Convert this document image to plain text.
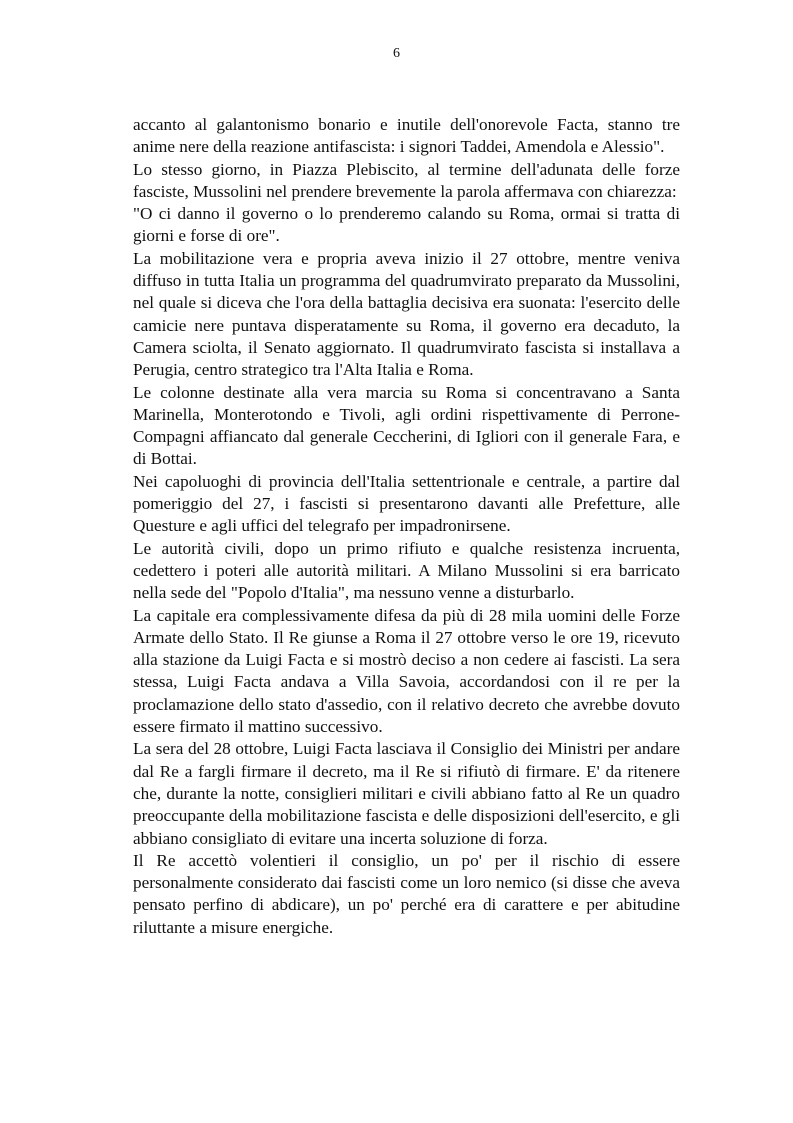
6

accanto al galantonismo bonario e inutile dell'onorevole Facta, stanno tre anime nere della reazione antifascista: i signori Taddei, Amendola e Alessio".

Lo stesso giorno, in Piazza Plebiscito, al termine dell'adunata delle forze fasciste, Mussolini nel prendere brevemente la parola affermava con chiarezza:

"O ci danno il governo o lo prenderemo calando su Roma, ormai si tratta di giorni e forse di ore".

La mobilitazione vera e propria aveva inizio il 27 ottobre, mentre veniva diffuso in tutta Italia un programma del quadrumvirato preparato da Mussolini, nel quale si diceva che l'ora della battaglia decisiva era suonata: l'esercito delle camicie nere puntava disperatamente su Roma, il governo era decaduto, la Camera sciolta, il Senato aggiornato. Il quadrumvirato fascista si installava a Perugia, centro strategico tra l'Alta Italia e Roma.

Le colonne destinate alla vera marcia su Roma si concentravano a Santa Marinella, Monterotondo e Tivoli, agli ordini rispettivamente di Perrone-Compagni affiancato dal generale Ceccherini, di Igliori con il generale Fara, e di Bottai.

Nei capoluoghi di provincia dell'Italia settentrionale e centrale, a partire dal pomeriggio del 27, i fascisti si presentarono davanti alle Prefetture, alle Questure e agli uffici del telegrafo per impadronirsene.

Le autorità civili, dopo un primo rifiuto e qualche resistenza incruenta, cedettero i poteri alle autorità militari. A Milano Mussolini si era barricato nella sede del "Popolo d'Italia", ma nessuno venne a disturbarlo.

La capitale era complessivamente difesa da più di 28 mila uomini delle Forze Armate dello Stato. Il Re giunse a Roma il 27 ottobre verso le ore 19, ricevuto alla stazione da Luigi Facta e si mostrò deciso a non cedere ai fascisti. La sera stessa, Luigi Facta andava a Villa Savoia, accordandosi con il re per la proclamazione dello stato d'assedio, con il relativo decreto che avrebbe dovuto essere firmato il mattino successivo.

La sera del 28 ottobre, Luigi Facta lasciava il Consiglio dei Ministri per andare dal Re a fargli firmare il decreto, ma il Re si rifiutò di firmare. E' da ritenere che, durante la notte, consiglieri militari e civili abbiano fatto al Re un quadro preoccupante della mobilitazione fascista e delle disposizioni dell'esercito, e gli abbiano consigliato di evitare una incerta soluzione di forza.

Il Re accettò volentieri il consiglio, un po' per il rischio di essere personalmente considerato dai fascisti come un loro nemico (si disse che aveva pensato perfino di abdicare), un po' perché era di carattere e per abitudine riluttante a misure energiche.
